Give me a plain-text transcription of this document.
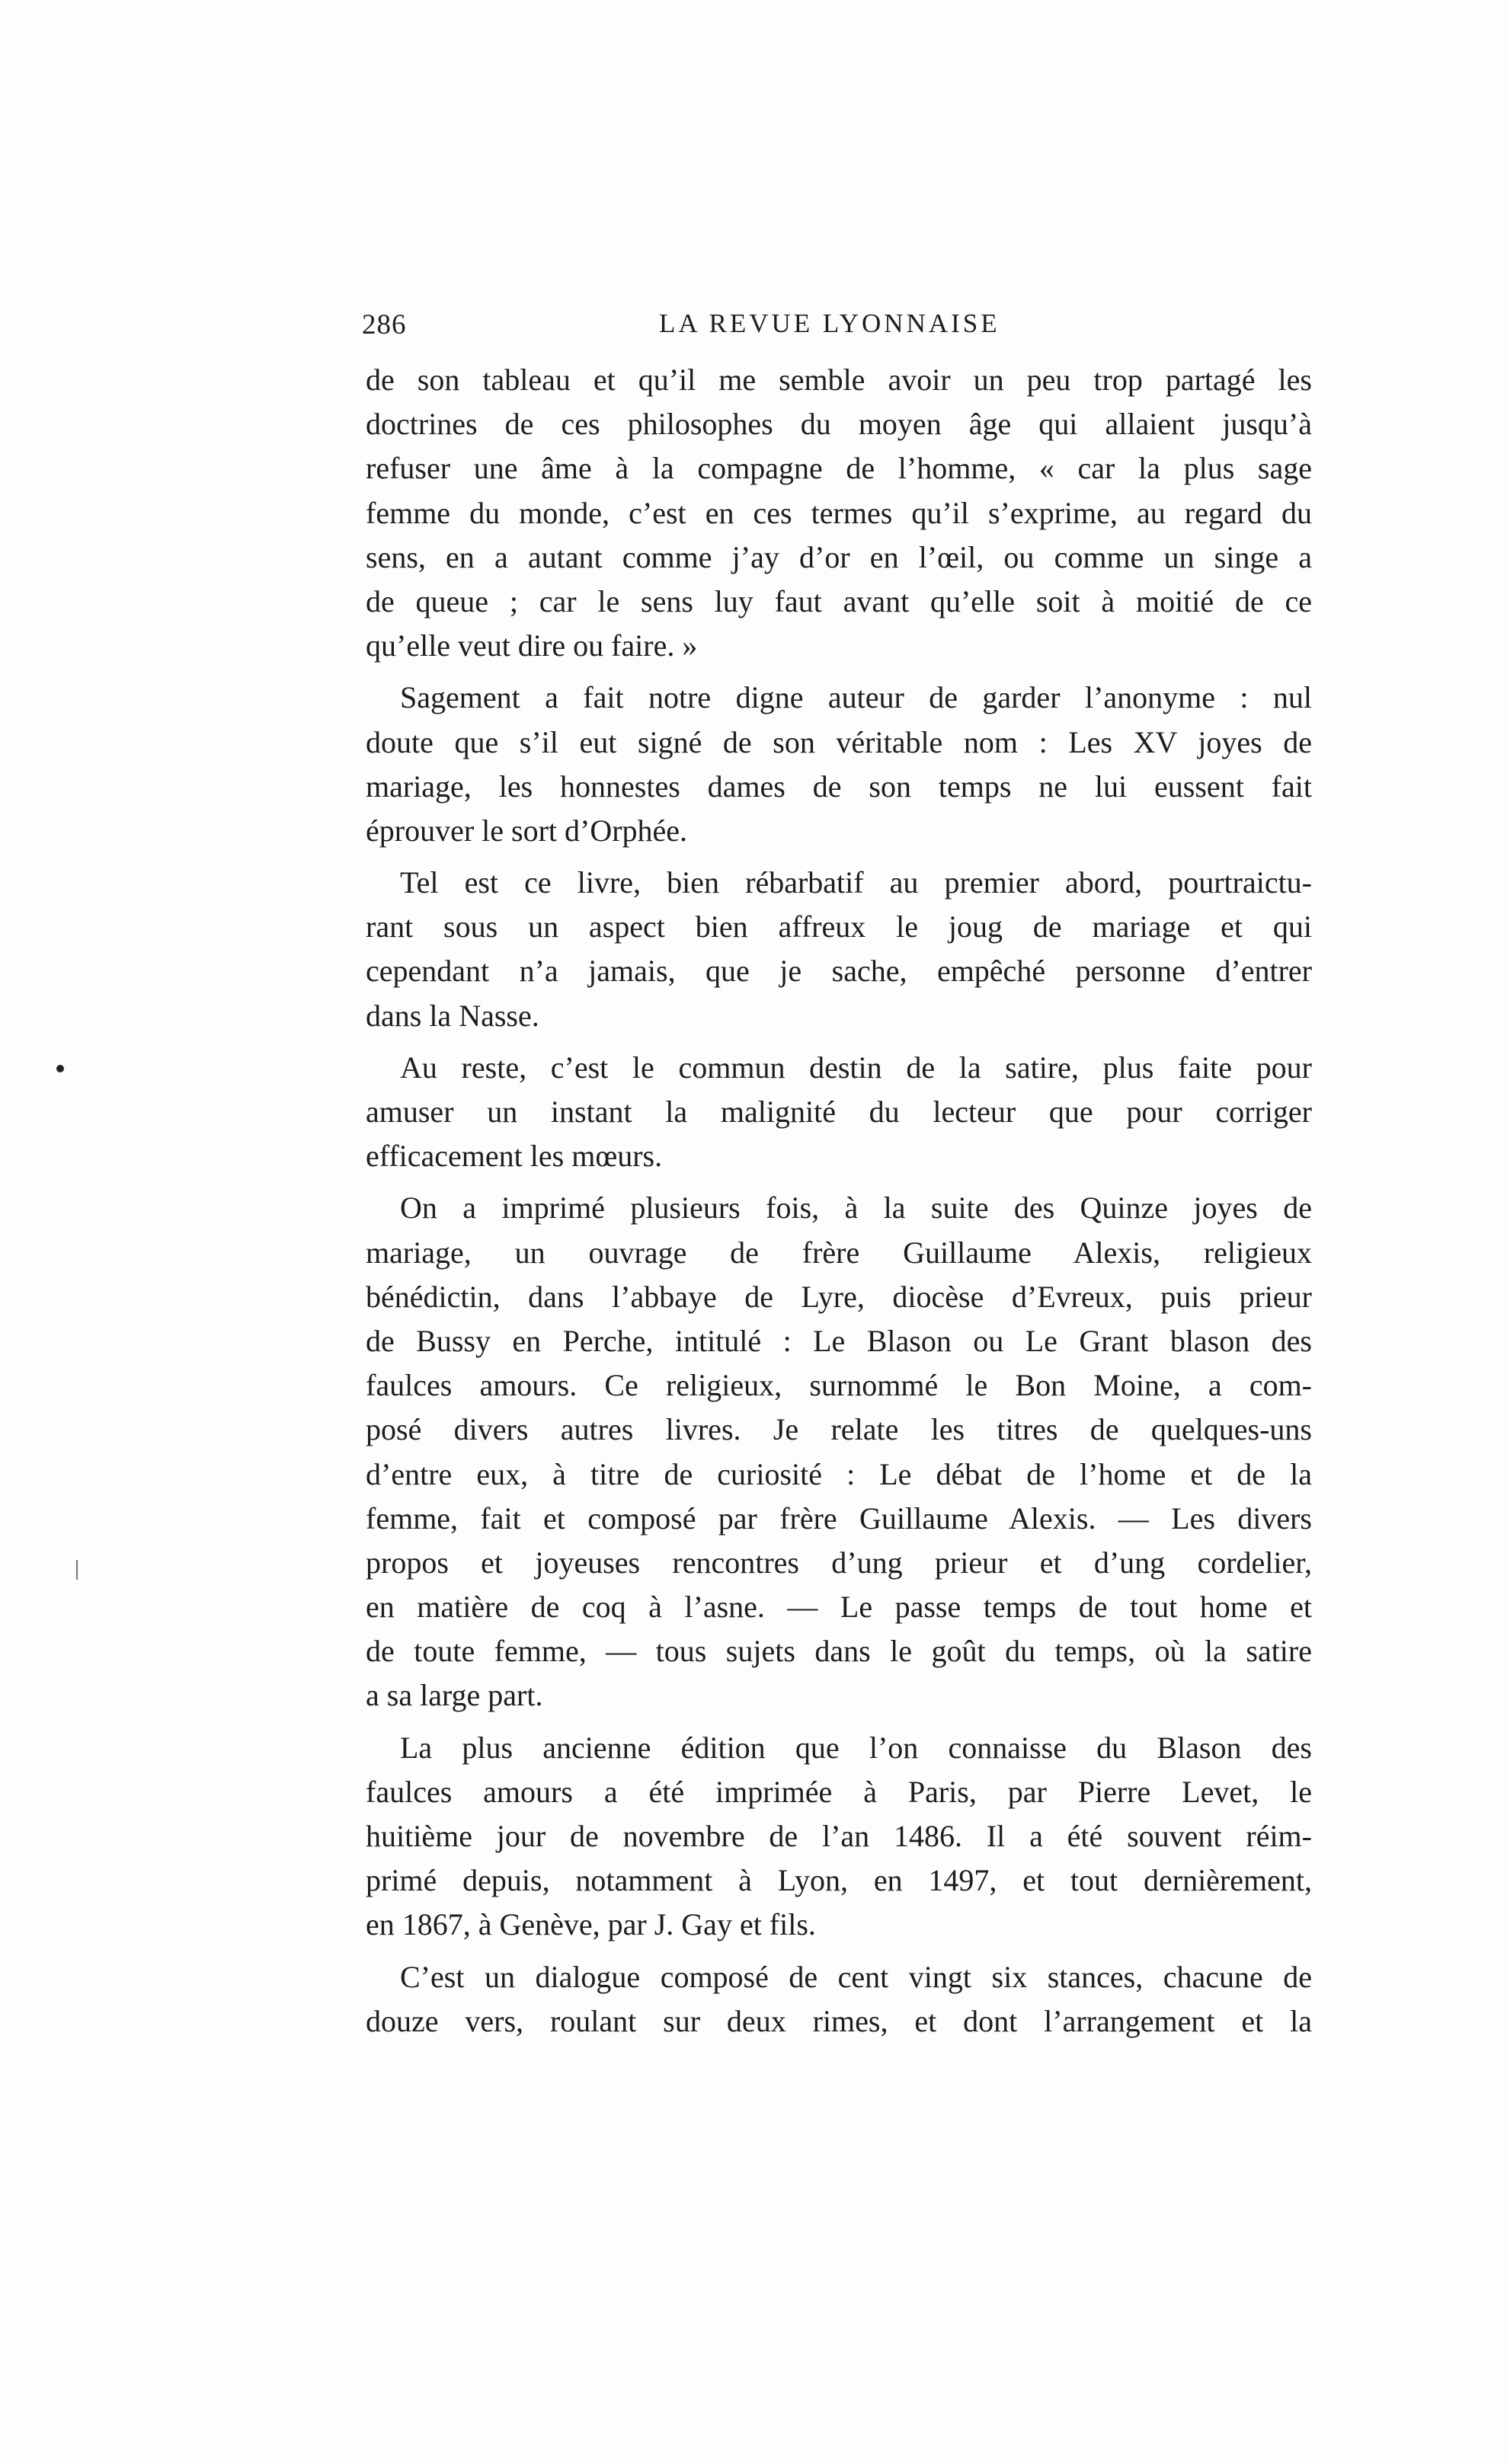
286	LA REVUE LYONNAISE
de son tableau et qu’il me semble avoir un peu trop partagé les
doctrines de ces philosophes du moyen âge qui allaient jusqu’à
refuser une âme à la compagne de l’homme, « car la plus sage
femme du monde, c’est en ces termes qu’il s’exprime, au regard du
sens, en a autant comme j’ay d’or en l’œil, ou comme un singe a
de queue ; car le sens luy faut avant qu’elle soit à moitié de ce
qu’elle veut dire ou faire. »
Sagement a fait notre digne auteur de garder l’anonyme : nul
doute que s’il eut signé de son véritable nom : Les XV joyes de
mariage, les honnestes dames de son temps ne lui eussent fait
éprouver le sort d’Orphée.
Tel est ce livre, bien rébarbatif au premier abord, pourtraictu-
rant sous un aspect bien affreux le joug de mariage et qui
cependant n’a jamais, que je sache, empêché personne d’entrer
dans la Nasse.
Au reste, c’est le commun destin de la satire, plus faite pour
amuser un instant la malignité du lecteur que pour corriger
efficacement les mœurs.
On a imprimé plusieurs fois, à la suite des Quinze joyes de
mariage, un ouvrage de frère Guillaume Alexis, religieux
bénédictin, dans l’abbaye de Lyre, diocèse d’Evreux, puis prieur
de Bussy en Perche, intitulé : Le Blason ou Le Grant blason des
faulces amours. Ce religieux, surnommé le Bon Moine, a com-
posé divers autres livres. Je relate les titres de quelques-uns
d’entre eux, à titre de curiosité : Le débat de l’home et de la
femme, fait et composé par frère Guillaume Alexis. — Les divers
propos et joyeuses rencontres d’ung prieur et d’ung cordelier,
en matière de coq à l’asne. — Le passe temps de tout home et
de toute femme, — tous sujets dans le goût du temps, où la satire
a sa large part.
La plus ancienne édition que l’on connaisse du Blason des
faulces amours a été imprimée à Paris, par Pierre Levet, le
huitième jour de novembre de l’an 1486. Il a été souvent réim-
primé depuis, notamment à Lyon, en 1497, et tout dernièrement,
en 1867, à Genève, par J. Gay et fils.
C’est un dialogue composé de cent vingt six stances, chacune de
douze vers, roulant sur deux rimes, et dont l’arrangement et la
